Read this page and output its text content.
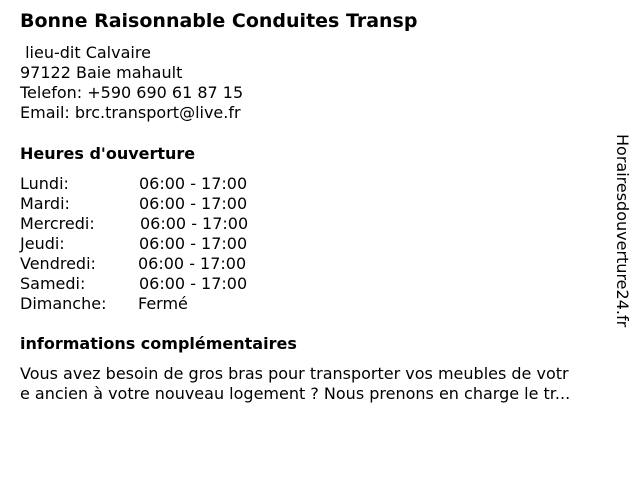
Bonne Raisonnable Conduites Transp
lieu-dit Calvaire
97122 Baie mahault
Telefon: +590 690 61 87 15
Email: brc.transport@live.fr
Heures d'ouverture
Lundi:	06:00 - 17:00
Mardi:	06:00 - 17:00
Mercredi:	06:00 - 17:00
Jeudi:	06:00 - 17:00
Vendredi:	06:00 - 17:00
Samedi:	06:00 - 17:00
Dimanche: Fermé
informations complémentaires
Vous avez besoin de gros bras pour transporter vos meubles de votr
e ancien à votre nouveau logement ? Nous prenons en charge le tr...
Horairesdouverture24.fr
